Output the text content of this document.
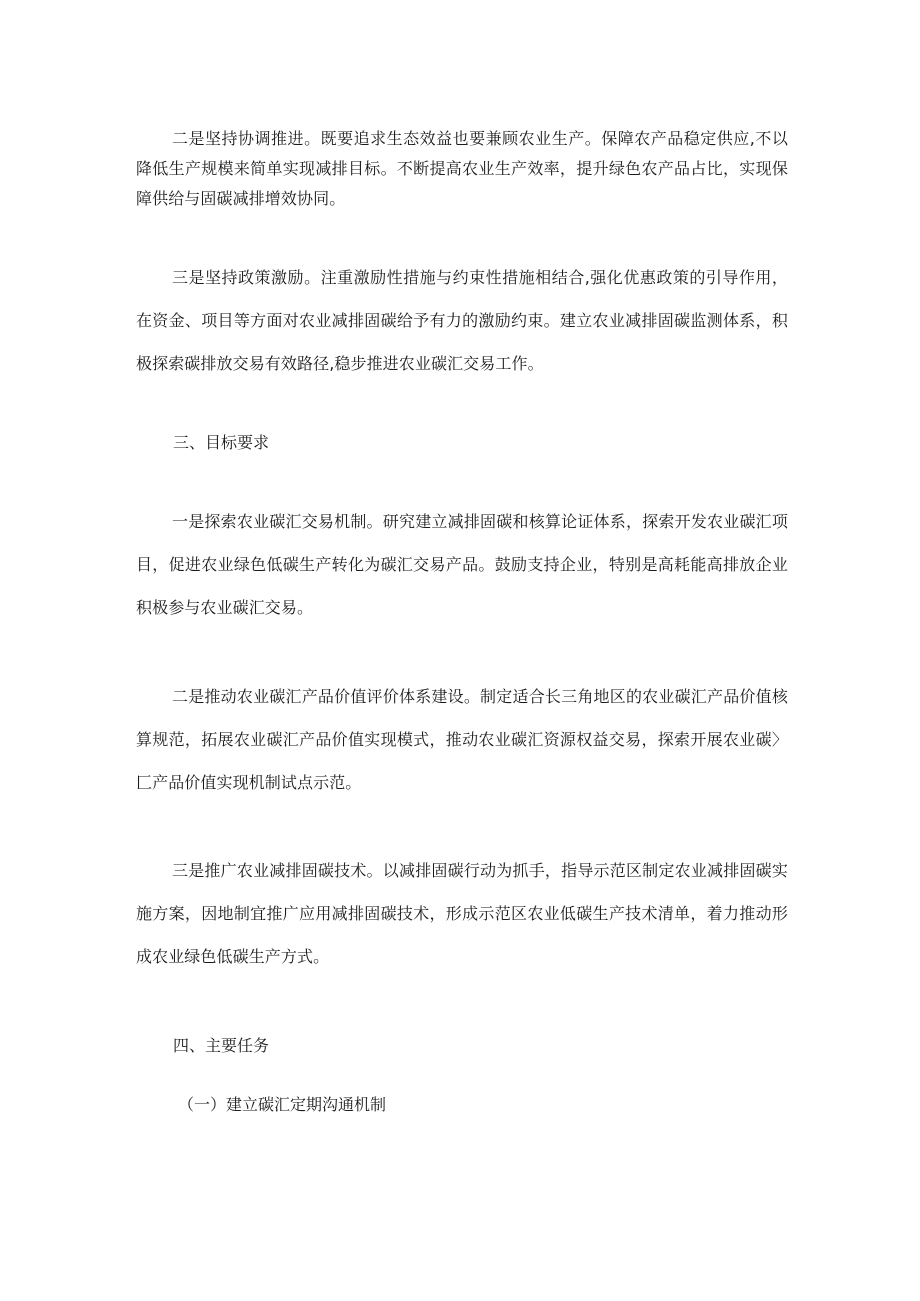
二是坚持协调推进。既要追求生态效益也要兼顾农业生产。保障农产品稳定供应,不以降低生产规模来简单实现减排目标。不断提高农业生产效率，提升绿色农产品占比，实现保障供给与固碳减排增效协同。

三是坚持政策激励。注重激励性措施与约束性措施相结合,强化优惠政策的引导作用，在资金、项目等方面对农业减排固碳给予有力的激励约束。建立农业减排固碳监测体系，积极探索碳排放交易有效路径,稳步推进农业碳汇交易工作。

三、目标要求

一是探索农业碳汇交易机制。研究建立减排固碳和核算论证体系，探索开发农业碳汇项目，促进农业绿色低碳生产转化为碳汇交易产品。鼓励支持企业，特别是高耗能高排放企业积极参与农业碳汇交易。

二是推动农业碳汇产品价值评价体系建设。制定适合长三角地区的农业碳汇产品价值核算规范，拓展农业碳汇产品价值实现模式，推动农业碳汇资源权益交易，探索开展农业碳〉匚产品价值实现机制试点示范。

三是推广农业减排固碳技术。以减排固碳行动为抓手，指导示范区制定农业减排固碳实施方案，因地制宜推广应用减排固碳技术，形成示范区农业低碳生产技术清单，着力推动形成农业绿色低碳生产方式。

四、主要任务
（一）建立碳汇定期沟通机制
